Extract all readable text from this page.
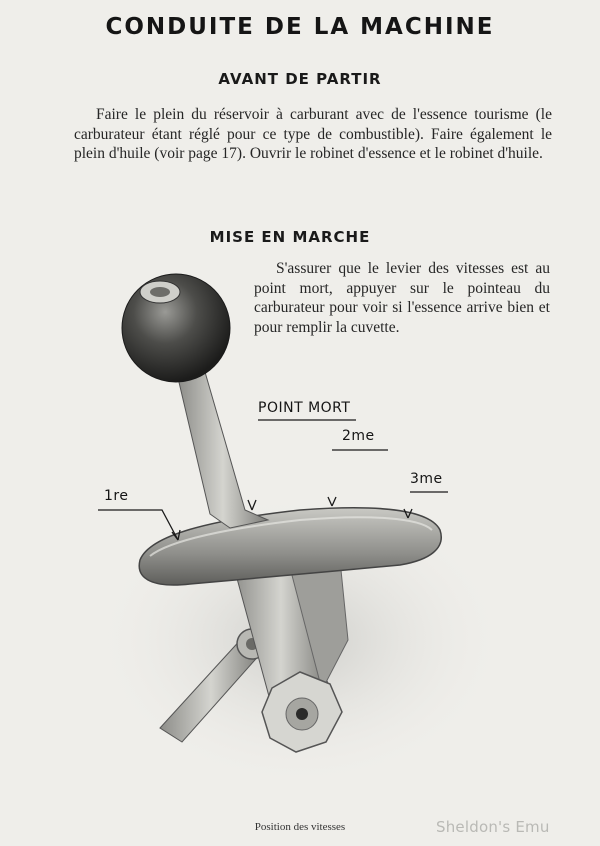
CONDUITE DE LA MACHINE
AVANT DE PARTIR
Faire le plein du réservoir à carburant avec de l'essence tourisme (le carburateur étant réglé pour ce type de combustible). Faire également le plein d'huile (voir page 17). Ouvrir le robinet d'essence et le robinet d'huile.
MISE EN MARCHE
S'assurer que le levier des vitesses est au point mort, appuyer sur le pointeau du carburateur pour voir si l'essence arrive bien et pour remplir la cuvette.
POINT MORT
1re
2me
3me
Position des vitesses	Sheldon's Emu
